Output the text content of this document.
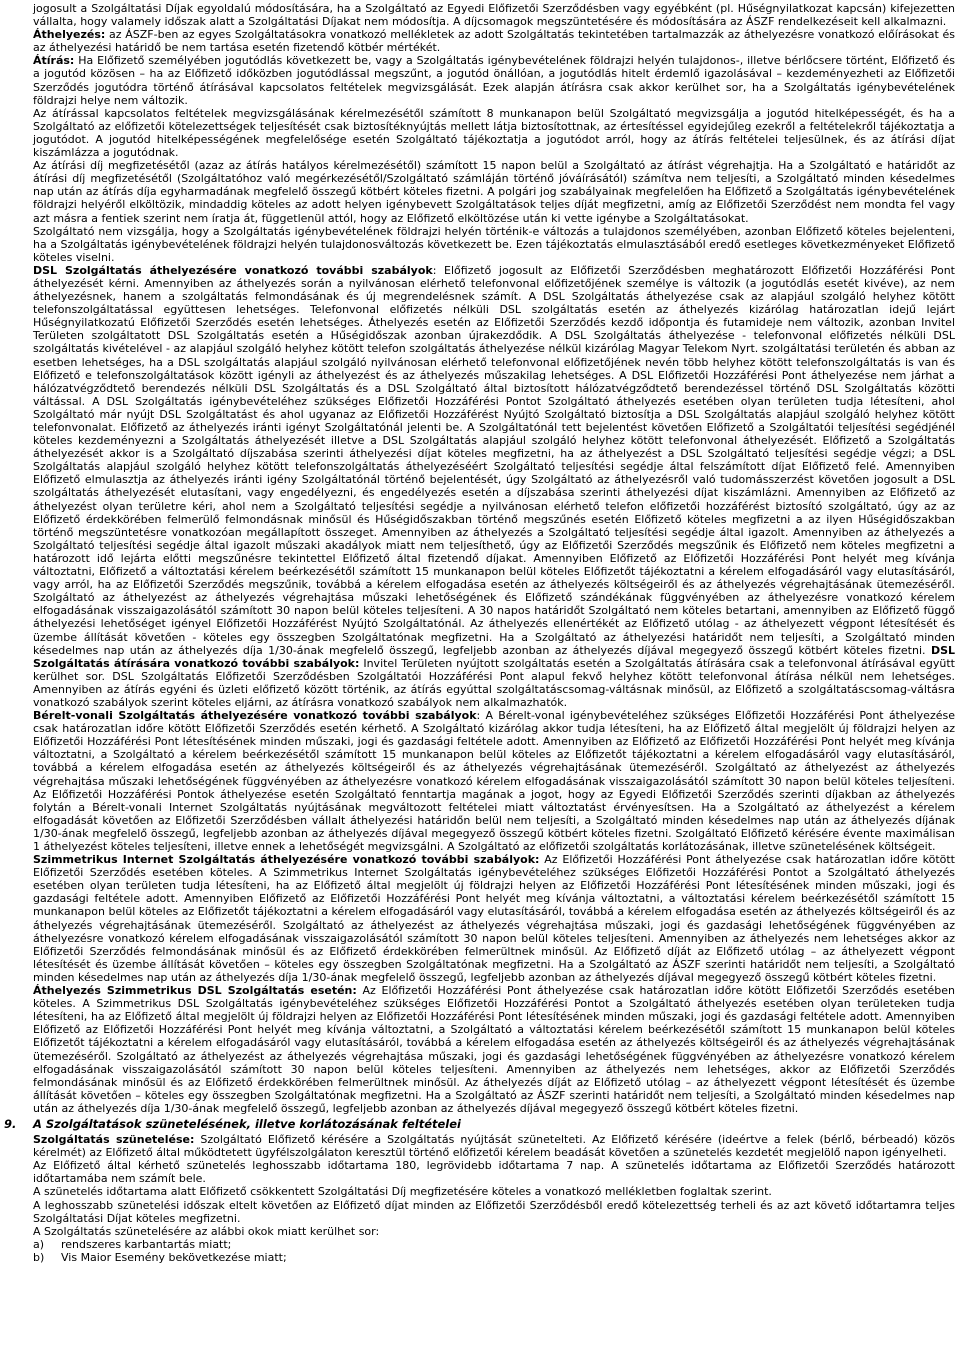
jogosult a Szolgáltatási Díjak egyoldalú módosítására, ha a Szolgáltató az Egyedi Előfizetői Szerződésben vagy egyébként (pl. Hűségnyilatkozat kapcsán) kifejezetten vállalta, hogy valamely időszak alatt a Szolgáltatási Díjakat nem módosítja. A díjcsomagok megszüntetésére és módosítására az ÁSZF rendelkezéseit kell alkalmazni.

Áthelyezés: az ÁSZF-ben az egyes Szolgáltatásokra vonatkozó mellékletek az adott Szolgáltatás tekintetében tartalmazzák az áthelyezésre vonatkozó előírásokat és az áthelyezési határidő be nem tartása esetén fizetendő kötbér mértékét.

Átírás: Ha Előfizető személyében jogutódlás következett be, vagy a Szolgáltatás igénybevételének földrajzi helyén tulajdonos-, illetve bérlőcsere történt, Előfizető és a jogutód közösen – ha az Előfizető időközben jogutódlással megszűnt, a jogutód önállóan, a jogutódlás hitelt érdemlő igazolásával – kezdeményezheti az Előfizetői Szerződés jogutódra történő átírásával kapcsolatos feltételek megvizsgálását. Ezek alapján átírásra csak akkor kerülhet sor, ha a Szolgáltatás igénybevételének földrajzi helye nem változik.

Az átírással kapcsolatos feltételek megvizsgálásának kérelmezésétől számított 8 munkanapon belül Szolgáltató megvizsgálja a jogutód hitelképességét, és ha a Szolgáltató az előfizetői kötelezettségek teljesítését csak biztosítéknyújtás mellett látja biztosítottnak, az értesítéssel egyidejűleg ezekről a feltételekről tájékoztatja a jogutódot. A jogutód hitelképességének megfelelősége esetén Szolgáltató tájékoztatja a jogutódot arról, hogy az átírás feltételei teljesülnek, és az átírási díjat kiszámlázza a jogutódnak.

Az átírási díj megfizetésétől (azaz az átírás hatályos kérelmezésétől) számított 15 napon belül a Szolgáltató az átírást végrehajtja. Ha a Szolgáltató e határidőt az átírási díj megfizetésétől (Szolgáltatóhoz való megérkezésétől/Szolgáltató számláján történő jóváírásától) számítva nem teljesíti, a Szolgáltató minden késedelmes nap után az átírás díja egyharmadának megfelelő összegű kötbért köteles fizetni. A polgári jog szabályainak megfelelően ha Előfizető a Szolgáltatás igénybevételének földrajzi helyéről elköltözik, mindaddig köteles az adott helyen igénybevett Szolgáltatások teljes díját megfizetni, amíg az Előfizetői Szerződést nem mondta fel vagy azt másra a fentiek szerint nem íratja át, függetlenül attól, hogy az Előfizető elköltözése után ki vette igénybe a Szolgáltatásokat.

Szolgáltató nem vizsgálja, hogy a Szolgáltatás igénybevételének földrajzi helyén történik-e változás a tulajdonos személyében, azonban Előfizető köteles bejelenteni, ha a Szolgáltatás igénybevételének földrajzi helyén tulajdonosváltozás következett be. Ezen tájékoztatás elmulasztásából eredő esetleges következményeket Előfizető köteles viselni.

DSL Szolgáltatás áthelyezésére vonatkozó további szabályok: Előfizető jogosult az Előfizetői Szerződésben meghatározott Előfizetői Hozzáférési Pont áthelyezését kérni. Amennyiben az áthelyezés során a nyilvánosan elérhető telefonvonal előfizetőjének személye is változik (a jogutódlás esetét kivéve), az nem áthelyezésnek, hanem a szolgáltatás felmondásának és új megrendelésnek számít. A DSL Szolgáltatás áthelyezése csak az alapjául szolgáló helyhez kötött telefonszolgáltatással együttesen lehetséges. Telefonvonal előfizetés nélküli DSL szolgáltatás esetén az áthelyezés kizárólag határozatlan idejű lejárt Hűségnyilatkozatú Előfizetői Szerződés esetén lehetséges. Áthelyezés esetén az Előfizetői Szerződés kezdő időpontja és futamideje nem változik, azonban Invitel Területen szolgáltatott DSL Szolgáltatás esetén a Hűségidőszak azonban újrakezdődik. A DSL Szolgáltatás áthelyezése - telefonvonal előfizetés nélküli DSL szolgáltatás kivételével - az alapjául szolgáló helyhez kötött telefon szolgáltatás áthelyezése nélkül kizárólag Magyar Telekom Nyrt. szolgáltatási területén és abban az esetben lehetséges, ha a DSL szolgáltatás alapjául szolgáló nyilvánosan elérhető telefonvonal előfizetőjének nevén több helyhez kötött telefonszolgáltatás is van és Előfizető e telefonszolgáltatások között igényli az áthelyezést és az áthelyezés műszakilag lehetséges. A DSL Előfizetői Hozzáférési Pont áthelyezése nem járhat a hálózatvégződtető berendezés nélküli DSL Szolgáltatás és a DSL Szolgáltató által biztosított hálózatvégződtető berendezéssel történő DSL Szolgáltatás közötti váltással. A DSL Szolgáltatás igénybevételéhez szükséges Előfizetői Hozzáférési Pontot Szolgáltató áthelyezés esetében olyan területen tudja létesíteni, ahol Szolgáltató már nyújt DSL Szolgáltatást és ahol ugyanaz az Előfizetői Hozzáférést Nyújtó Szolgáltató biztosítja a DSL Szolgáltatás alapjául szolgáló helyhez kötött telefonvonalat. Előfizető az áthelyezés iránti igényt Szolgáltatónál jelenti be. A Szolgáltatónál tett bejelentést követően Előfizető a Szolgáltatói teljesítési segédjénél köteles kezdeményezni a Szolgáltatás áthelyezését illetve a DSL Szolgáltatás alapjául szolgáló helyhez kötött telefonvonal áthelyezését. Előfizető a Szolgáltatás áthelyezését akkor is a Szolgáltató díjszabása szerinti áthelyezési díjat köteles megfizetni, ha az áthelyezést a DSL Szolgáltató teljesítési segédje végzi; a DSL Szolgáltatás alapjául szolgáló helyhez kötött telefonszolgáltatás áthelyezéséért Szolgáltató teljesítési segédje által felszámított díjat Előfizető felé. Amennyiben Előfizető elmulasztja az áthelyezés iránti igény Szolgáltatónál történő bejelentését, úgy Szolgáltató az áthelyezésről való tudomásszerzést követően jogosult a DSL szolgáltatás áthelyezését elutasítani, vagy engedélyezni, és engedélyezés esetén a díjszabása szerinti áthelyezési díjat kiszámlázni. Amennyiben az Előfizető az áthelyezést olyan területre kéri, ahol nem a Szolgáltató teljesítési segédje a nyilvánosan elérhető telefon előfizetői hozzáférést biztosító szolgáltató, úgy az az Előfizető érdekkörében felmerülő felmondásnak minősül és Hűségidőszakban történő megszűnés esetén Előfizető köteles megfizetni a az ilyen Hűségidőszakban történő megszüntetésre vonatkozóan megállapított összeget. Amennyiben az áthelyezés a Szolgáltató teljesítési segédje által igazolt. Amennyiben az áthelyezés a Szolgáltató teljesítési segédje által igazolt műszaki akadályok miatt nem teljesíthető, úgy az Előfizetői Szerződés megszűnik és Előfizető nem köteles megfizetni a határozott idő lejárta előtti megszűnésre tekintettel Előfizető által fizetendő díjakat. Amennyiben Előfizető az Előfizetői Hozzáférési Pont helyét meg kívánja változtatni, Előfizető a változtatási kérelem beérkezésétől számított 15 munkanapon belül köteles Előfizetőt tájékoztatni a kérelem elfogadásáról vagy elutasításáról, vagy arról, ha az Előfizetői Szerződés megszűnik, továbbá a kérelem elfogadása esetén az áthelyezés költségeiről és az áthelyezés végrehajtásának ütemezéséről. Szolgáltató az áthelyezést az áthelyezés végrehajtása műszaki lehetőségének és Előfizető szándékának függvényében az áthelyezésre vonatkozó kérelem elfogadásának visszaigazolásától számított 30 napon belül köteles teljesíteni. A 30 napos határidőt Szolgáltató nem köteles betartani, amennyiben az Előfizető függő áthelyezési lehetőséget igényel Előfizetői Hozzáférést Nyújtó Szolgáltatónál. Az áthelyezés ellenértékét az Előfizető utólag - az áthelyezett végpont létesítését és üzembe állítását követően - köteles egy összegben Szolgáltatónak megfizetni. Ha a Szolgáltató az áthelyezési határidőt nem teljesíti, a Szolgáltató minden késedelmes nap után az áthelyezés díja 1/30-ának megfelelő összegű, legfeljebb azonban az áthelyezés díjával megegyező összegű kötbért köteles fizetni. DSL Szolgáltatás átírására vonatkozó további szabályok: Invitel Területen nyújtott szolgáltatás esetén a Szolgáltatás átírására csak a telefonvonal átírásával együtt kerülhet sor. DSL Szolgáltatás Előfizetői Szerződésben Szolgáltatói Hozzáférési Pont alapul fekvő helyhez kötött telefonvonal átírása nélkül nem lehetséges. Amennyiben az átírás egyéni és üzleti előfizető között történik, az átírás egyúttal szolgáltatáscsomag-váltásnak minősül, az Előfizető a szolgáltatáscsomag-váltásra vonatkozó szabályok szerint köteles eljárni, az átírásra vonatkozó szabályok nem alkalmazhatók.

Bérelt-vonali Szolgáltatás áthelyezésére vonatkozó további szabályok: A Bérelt-vonal igénybevételéhez szükséges Előfizetői Hozzáférési Pont áthelyezése csak határozatlan időre kötött Előfizetői Szerződés esetén kérhető. A Szolgáltató kizárólag akkor tudja létesíteni, ha az Előfizető által megjelölt új földrajzi helyen az Előfizetői Hozzáférési Pont létesítésének minden műszaki, jogi és gazdasági feltétele adott. Amennyiben az Előfizető az Előfizetői Hozzáférési Pont helyét meg kívánja változtatni, a Szolgáltató a kérelem beérkezésétől számított 15 munkanapon belül köteles az Előfizetőt tájékoztatni a kérelem elfogadásáról vagy elutasításáról, továbbá a kérelem elfogadása esetén az áthelyezés költségeiről és az áthelyezés végrehajtásának ütemezéséről. Szolgáltató az áthelyezést az áthelyezés végrehajtása műszaki lehetőségének függvényében az áthelyezésre vonatkozó kérelem elfogadásának visszaigazolásától számított 30 napon belül köteles teljesíteni. Az Előfizetői Hozzáférési Pontok áthelyezése esetén Szolgáltató fenntartja magának a jogot, hogy az Egyedi Előfizetői Szerződés szerinti díjakban az áthelyezés folytán a Bérelt-vonali Internet Szolgáltatás nyújtásának megváltozott feltételei miatt változtatást érvényesítsen. Ha a Szolgáltató az áthelyezést a kérelem elfogadását követően az Előfizetői Szerződésben vállalt áthelyezési határidőn belül nem teljesíti, a Szolgáltató minden késedelmes nap után az áthelyezés díjának 1/30-ának megfelelő összegű, legfeljebb azonban az áthelyezés díjával megegyező összegű kötbért köteles fizetni. Szolgáltató Előfizető kérésére évente maximálisan 1 áthelyezést köteles teljesíteni, illetve ennek a lehetőségét megvizsgálni. A Szolgáltató az előfizetői szolgáltatás korlátozásának, illetve szünetelésének költségeit.

Szimmetrikus Internet Szolgáltatás áthelyezésére vonatkozó további szabályok: Az Előfizetői Hozzáférési Pont áthelyezése csak határozatlan időre kötött Előfizetői Szerződés esetében köteles. A Szimmetrikus Internet Szolgáltatás igénybevételéhez szükséges Előfizetői Hozzáférési Pontot a Szolgáltató áthelyezés esetében olyan területen tudja létesíteni, ha az Előfizető által megjelölt új földrajzi helyen az Előfizetői Hozzáférési Pont létesítésének minden műszaki, jogi és gazdasági feltétele adott. Amennyiben Előfizető az Előfizetői Hozzáférési Pont helyét meg kívánja változtatni, a változtatási kérelem beérkezésétől számított 15 munkanapon belül köteles az Előfizetőt tájékoztatni a kérelem elfogadásáról vagy elutasításáról, továbbá a kérelem elfogadása esetén az áthelyezés költségeiről és az áthelyezés végrehajtásának ütemezéséről. Szolgáltató az áthelyezést az áthelyezés végrehajtása műszaki, jogi és gazdasági lehetőségének függvényében az áthelyezésre vonatkozó kérelem elfogadásának visszaigazolásától számított 30 napon belül köteles teljesíteni. Amennyiben az áthelyezés nem lehetséges akkor az Előfizetői Szerződés felmondásának minősül és az Előfizető érdekkörében felmerültnek minősül. Az Előfizető díját az Előfizető utólag – az áthelyezett végpont létesítését és üzembe állítását követően – köteles egy összegben Szolgáltatónak megfizetni. Ha a Szolgáltató az ÁSZF szerinti határidőt nem teljesíti, a Szolgáltató minden késedelmes nap után az áthelyezés díja 1/30-ának megfelelő összegű, legfeljebb azonban az áthelyezés díjával megegyező összegű kötbért köteles fizetni.

Áthelyezés Szimmetrikus DSL Szolgáltatás esetén: Az Előfizetői Hozzáférési Pont áthelyezése csak határozatlan időre kötött Előfizetői Szerződés esetében köteles. A Szimmetrikus DSL Szolgáltatás igénybevételéhez szükséges Előfizetői Hozzáférési Pontot a Szolgáltató áthelyezés esetében olyan területeken tudja létesíteni, ha az Előfizető által megjelölt új földrajzi helyen az Előfizetői Hozzáférési Pont létesítésének minden műszaki, jogi és gazdasági feltétele adott. Amennyiben Előfizető az Előfizetői Hozzáférési Pont helyét meg kívánja változtatni, a Szolgáltató a változtatási kérelem beérkezésétől számított 15 munkanapon belül köteles Előfizetőt tájékoztatni a kérelem elfogadásáról vagy elutasításáról, továbbá a kérelem elfogadása esetén az áthelyezés költségeiről és az áthelyezés végrehajtásának ütemezéséről. Szolgáltató az áthelyezést az áthelyezés végrehajtása műszaki, jogi és gazdasági lehetőségének függvényében az áthelyezésre vonatkozó kérelem elfogadásának visszaigazolásától számított 30 napon belül köteles teljesíteni. Amennyiben az áthelyezés nem lehetséges, akkor az Előfizetői Szerződés felmondásának minősül és az Előfizető érdekkörében felmerültnek minősül. Az áthelyezés díját az Előfizető utólag – az áthelyezett végpont létesítését és üzembe állítását követően – köteles egy összegben Szolgáltatónak megfizetni. Ha a Szolgáltató az ÁSZF szerinti határidőt nem teljesíti, a Szolgáltató minden késedelmes nap után az áthelyezés díja 1/30-ának megfelelő összegű, legfeljebb azonban az áthelyezés díjával megegyező összegű kötbért köteles fizetni.

9. A Szolgáltatások szünetelésének, illetve korlátozásának feltételei

Szolgáltatás szünetelése: Szolgáltató Előfizető kérésére a Szolgáltatás nyújtását szünetelteti. Az Előfizető kérésére (ideértve a felek (bérlő, bérbeadó) közös kérelmét) az Előfizető által működtetett ügyfélszolgálaton keresztül történő előfizetői kérelem beadását követően a szünetelés kezdetét megjelölő napon igényelheti.

Az Előfizető által kérhető szünetelés leghosszabb időtartama 180, legrövidebb időtartama 7 nap. A szünetelés időtartama az Előfizetői Szerződés határozott időtartamába nem számít bele.

A szünetelés időtartama alatt Előfizető csökkentett Szolgáltatási Díj megfizetésére köteles a vonatkozó mellékletben foglaltak szerint.

A leghosszabb szünetelési időszak eltelt követően az Előfizető díjat minden az Előfizetői Szerződésből eredő kötelezettség terheli és az azt követő időtartamra teljes Szolgáltatási Díjat köteles megfizetni.

A Szolgáltatás szünetelésére az alábbi okok miatt kerülhet sor:

a)	rendszeres karbantartás miatt;
b)	Vis Maior Esemény bekövetkezése miatt;
